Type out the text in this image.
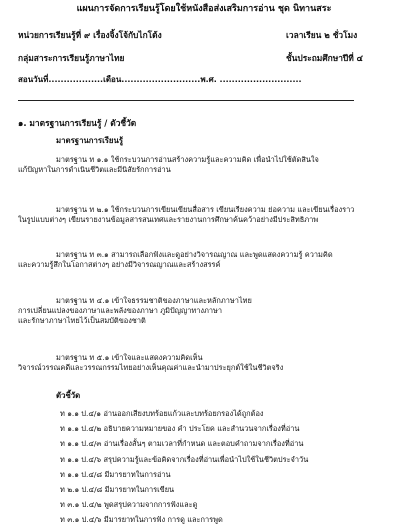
แผนการจัดการเรียนรู้โดยใช้หนังสือส่งเสริมการอ่าน ชุด นิทานสระ
หน่วยการเรียนรู้ที่ ๙ เรื่องจิ้งโจ้กับไกโด้ง	เวลาเรียน ๒ ชั่วโมง
กลุ่มสาระการเรียนรู้ภาษาไทย	ชั้นประถมศึกษาปีที่ ๔
สอนวันที่..................เดือน..........................พ.ศ. ...........................
๑. มาตรฐานการเรียนรู้ / ตัวชี้วัด
มาตรฐานการเรียนรู้
มาตรฐาน ท ๑.๑ ใช้กระบวนการอ่านสร้างความรู้และความคิด เพื่อนำไปใช้ตัดสินใจ
แก้ปัญหาในการดำเนินชีวิตและมีนิสัยรักการอ่าน
มาตรฐาน ท ๒.๑ ใช้กระบวนการเขียนเขียนสื่อสาร เขียนเรียงความ ย่อความ และเขียนเรื่องราว
ในรูปแบบต่างๆ เขียนรายงานข้อมูลสารสนเทศและรายงานการศึกษาค้นคว้าอย่างมีประสิทธิภาพ
มาตรฐาน ท ๓.๑ สามารถเลือกฟังและดูอย่างวิจารณญาณ และพูดแสดงความรู้ ความคิด
และความรู้สึกในโอกาสต่างๆ อย่างมีวิจารณญาณและสร้างสรรค์
มาตรฐาน ท ๔.๑ เข้าใจธรรมชาติของภาษาและหลักภาษาไทย
การเปลี่ยนแปลงของภาษาและพลังของภาษา ภูมิปัญญาทางภาษา
และรักษาภาษาไทยไว้เป็นสมบัติของชาติ
มาตรฐาน ท ๕.๑ เข้าใจและแสดงความคิดเห็น
วิจารณ์วรรณคดีและวรรณกรรมไทยอย่างเห็นคุณค่าและนำมาประยุกต์ใช้ในชีวิตจริง
ตัวชี้วัด
ท ๑.๑ ป.๔/๑ อ่านออกเสียงบทร้อยแก้วและบทร้อยกรองได้ถูกต้อง
ท ๑.๑ ป.๔/๒ อธิบายความหมายของ คำ ประโยค และสำนวนจากเรื่องที่อ่าน
ท ๑.๑ ป.๔/๓ อ่านเรื่องสั้นๆ ตามเวลาที่กำหนด และตอบคำถามจากเรื่องที่อ่าน
ท ๑.๑ ป.๔/๖ สรุปความรู้และข้อคิดจากเรื่องที่อ่านเพื่อนำไปใช้ในชีวิตประจำวัน
ท ๑.๑ ป.๔/๘ มีมารยาทในการอ่าน
ท ๒.๑ ป.๔/๘ มีมารยาทในการเขียน
ท ๓.๑ ป.๔/๒ พูดสรุปความจากการฟังและดู
ท ๓.๑ ป.๔/๖ มีมารยาทในการฟัง การดู และการพูด
